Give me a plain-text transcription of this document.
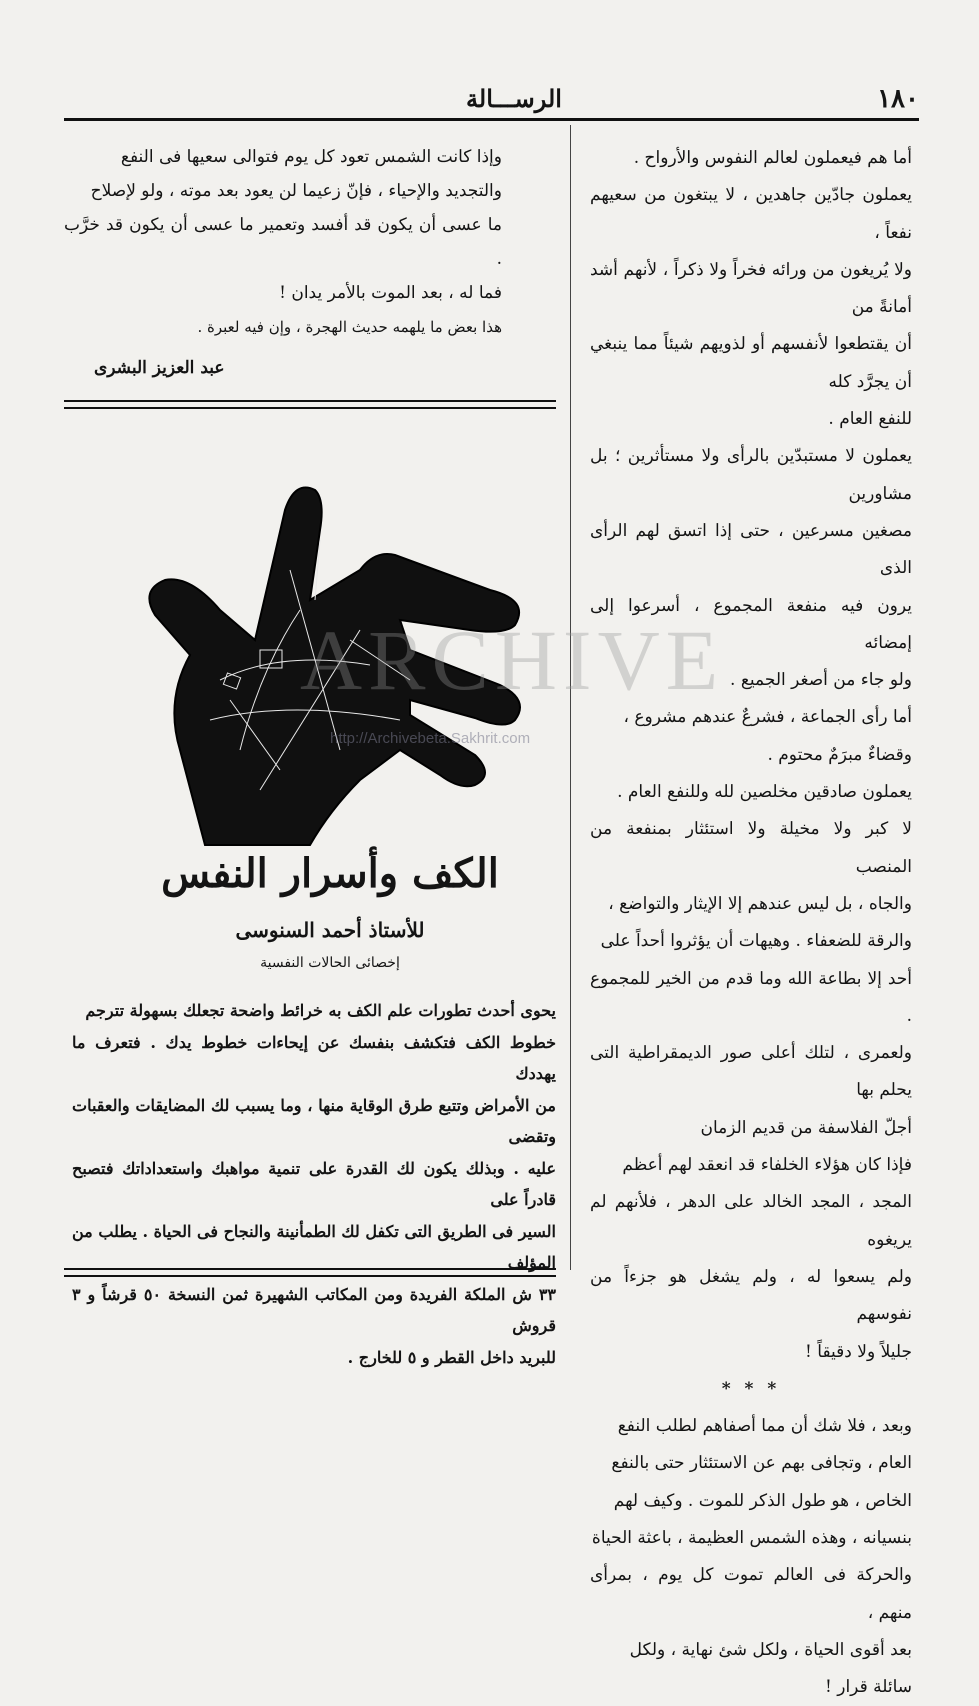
١٨٠
الرســـالة

أما هم فيعملون لعالم النفوس والأرواح .

يعملون جادّين جاهدين ، لا يبتغون من سعيهم نفعاً ،

ولا يُريغون من ورائه فخراً ولا ذكراً ، لأنهم أشد أمانةً من

أن يقتطعوا لأنفسهم أو لذويهم شيئاً مما ينبغي أن يجرَّد كله

للنفع العام .

يعملون لا مستبدّين بالرأى ولا مستأثرين ؛ بل مشاورين

مصغين مسرعين ، حتى إذا اتسق لهم الرأى الذى

يرون فيه منفعة المجموع ، أسرعوا إلى إمضائه

ولو جاء من أصغر الجميع .

أما رأى الجماعة ، فشرعٌ عندهم مشروع ،

وقضاءٌ مبرَمٌ محتوم .

يعملون صادقين مخلصين لله وللنفع العام .

لا كبر ولا مخيلة ولا استئثار بمنفعة من المنصب

والجاه ، بل ليس عندهم إلا الإيثار والتواضع ،

والرقة للضعفاء . وهيهات أن يؤثروا أحداً على

أحد إلا بطاعة الله وما قدم من الخير للمجموع .

ولعمرى ، لتلك أعلى صور الديمقراطية التى يحلم بها

أجلّ الفلاسفة من قديم الزمان

فإذا كان هؤلاء الخلفاء قد انعقد لهم أعظم

المجد ، المجد الخالد على الدهر ، فلأنهم لم يريغوه

ولم يسعوا له ، ولم يشغل هو جزءاً من نفوسهم

جليلاً ولا دقيقاً !

* * *

وبعد ، فلا شك أن مما أصفاهم لطلب النفع

العام ، وتجافى بهم عن الاستئثار حتى بالنفع

الخاص ، هو طول الذكر للموت . وكيف لهم

بنسيانه ، وهذه الشمس العظيمة ، باعثة الحياة

والحركة فى العالم تموت كل يوم ، بمرأى منهم ،

بعد أقوى الحياة ، ولكل شئ نهاية ، ولكل

سائلة قرار !

وإذا كانت الشمس تعود كل يوم فتوالى سعيها فى النفع

والتجديد والإحياء ، فإنّ زعيما لن يعود بعد موته ، ولو لإصلاح

ما عسى أن يكون قد أفسد وتعمير ما عسى أن يكون قد خرَّب .

فما له ، بعد الموت بالأمر يدان !

هذا بعض ما يلهمه حديث الهجرة ، وإن فيه لعبرة .

عبد العزيز البشرى
ARCHIVE
http://Archivebeta.Sakhrit.com
الكف وأسرار النفس
للأستاذ أحمد السنوسى
إخصائى الحالات النفسية

يحوى أحدث تطورات علم الكف به خرائط واضحة تجعلك بسهولة تترجم

خطوط الكف فتكشف بنفسك عن إيحاءات خطوط يدك . فتعرف ما يهددك

من الأمراض وتتبع طرق الوقاية منها ، وما يسبب لك المضايقات والعقبات وتقضى

عليه . وبذلك يكون لك القدرة على تنمية مواهبك واستعداداتك فتصبح قادراً على

السير فى الطريق التى تكفل لك الطمأنينة والنجاح فى الحياة . يطلب من المؤلف

٣٣ ش الملكة الفريدة ومن المكاتب الشهيرة ثمن النسخة ٥٠ قرشاً و ٣ قروش

للبريد داخل القطر و ٥ للخارج .
